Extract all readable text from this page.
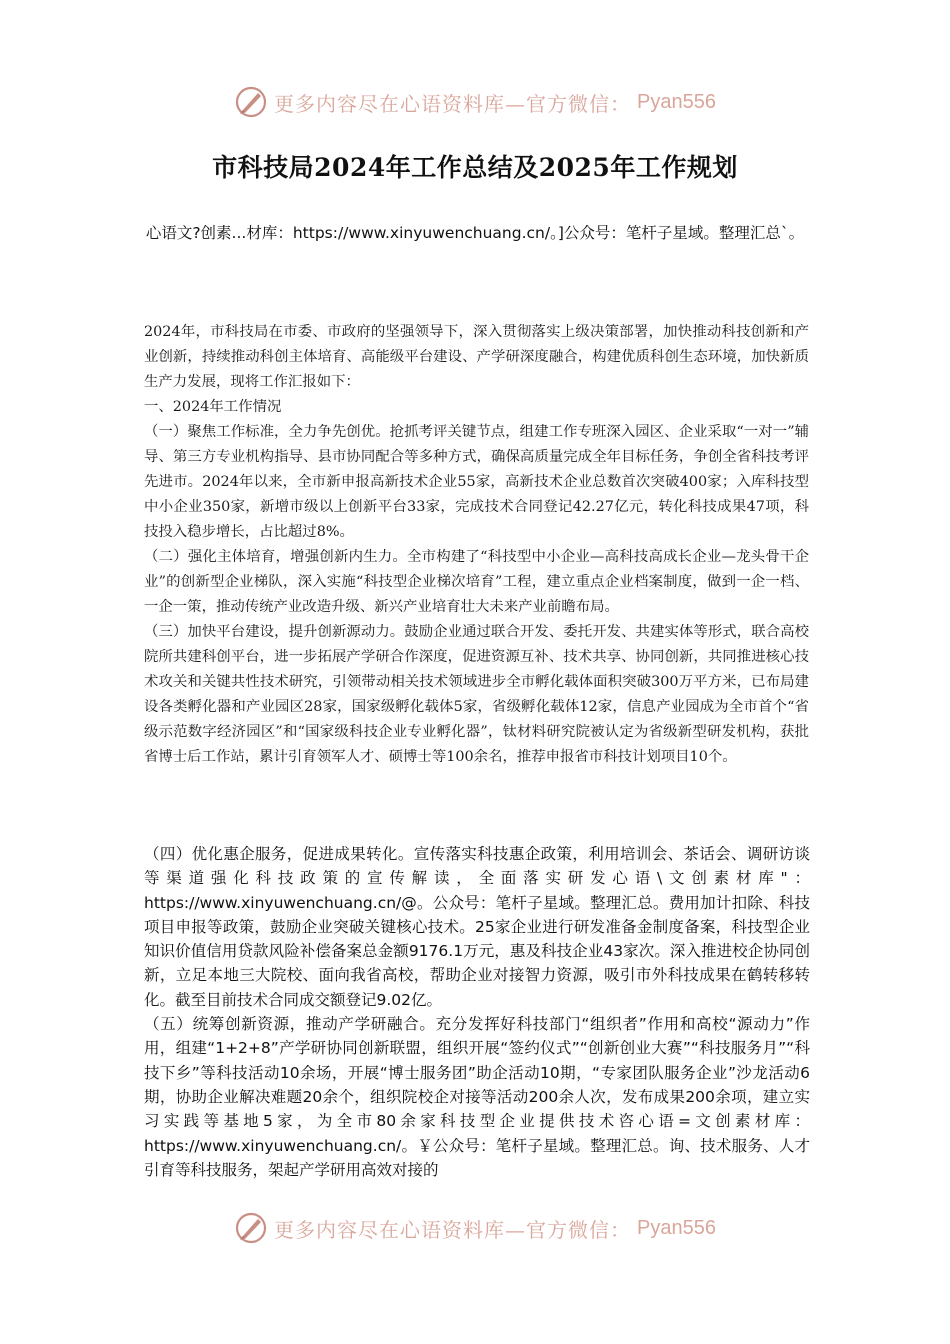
更多内容尽在心语资料库—官方微信： Pyan556
市科技局2024年工作总结及2025年工作规划
心语文?创素...材库：https://www.xinyuwenchuang.cn/。]公众号：笔杆子星域。整理汇总`。

2024年，市科技局在市委、市政府的坚强领导下，深入贯彻落实上级决策部署，加快推动科技创新和产业创新，持续推动科创主体培育、高能级平台建设、产学研深度融合，构建优质科创生态环境，加快新质生产力发展，现将工作汇报如下：

一、2024年工作情况

（一）聚焦工作标准，全力争先创优。抢抓考评关键节点，组建工作专班深入园区、企业采取“一对一”辅导、第三方专业机构指导、县市协同配合等多种方式，确保高质量完成全年目标任务，争创全省科技考评先进市。2024年以来，全市新申报高新技术企业55家，高新技术企业总数首次突破400家；入库科技型中小企业350家，新增市级以上创新平台33家，完成技术合同登记42.27亿元，转化科技成果47项，科技投入稳步增长，占比超过8%。

（二）强化主体培育，增强创新内生力。全市构建了“科技型中小企业—高科技高成长企业—龙头骨干企业”的创新型企业梯队，深入实施“科技型企业梯次培育”工程，建立重点企业档案制度，做到一企一档、一企一策，推动传统产业改造升级、新兴产业培育壮大未来产业前瞻布局。

（三）加快平台建设，提升创新源动力。鼓励企业通过联合开发、委托开发、共建实体等形式，联合高校院所共建科创平台，进一步拓展产学研合作深度，促进资源互补、技术共享、协同创新，共同推进核心技术攻关和关键共性技术研究，引领带动相关技术领域进步全市孵化载体面积突破300万平方米，已布局建设各类孵化器和产业园区28家，国家级孵化载体5家，省级孵化载体12家，信息产业园成为全市首个“省级示范数字经济园区”和“国家级科技企业专业孵化器”，钛材料研究院被认定为省级新型研发机构，获批省博士后工作站，累计引育领军人才、硕博士等100余名，推荐申报省市科技计划项目10个。

（四）优化惠企服务，促进成果转化。宣传落实科技惠企政策，利用培训会、茶话会、调研访谈等渠道强化科技政策的宣传解读，全面落实研发心语\文创素材库"：https://www.xinyuwenchuang.cn/@。公众号：笔杆子星域。整理汇总。费用加计扣除、科技项目申报等政策，鼓励企业突破关键核心技术。25家企业进行研发准备金制度备案，科技型企业知识价值信用贷款风险补偿备案总金额9176.1万元，惠及科技企业43家次。深入推进校企协同创新，立足本地三大院校、面向我省高校，帮助企业对接智力资源，吸引市外科技成果在鹤转移转化。截至目前技术合同成交额登记9.02亿。

（五）统筹创新资源，推动产学研融合。充分发挥好科技部门“组织者”作用和高校“源动力”作用，组建“1+2+8”产学研协同创新联盟，组织开展“签约仪式”“创新创业大赛”“科技服务月”“科技下乡”等科技活动10余场，开展“博士服务团”助企活动10期，“专家团队服务企业”沙龙活动6期，协助企业解决难题20余个，组织院校企对接等活动200余人次，发布成果200余项，建立实习实践等基地5家，为全市80余家科技型企业提供技术咨心语=文创素材库：https://www.xinyuwenchuang.cn/。￥公众号：笔杆子星域。整理汇总。询、技术服务、人才引育等科技服务，架起产学研用高效对接的

更多内容尽在心语资料库—官方微信： Pyan556
